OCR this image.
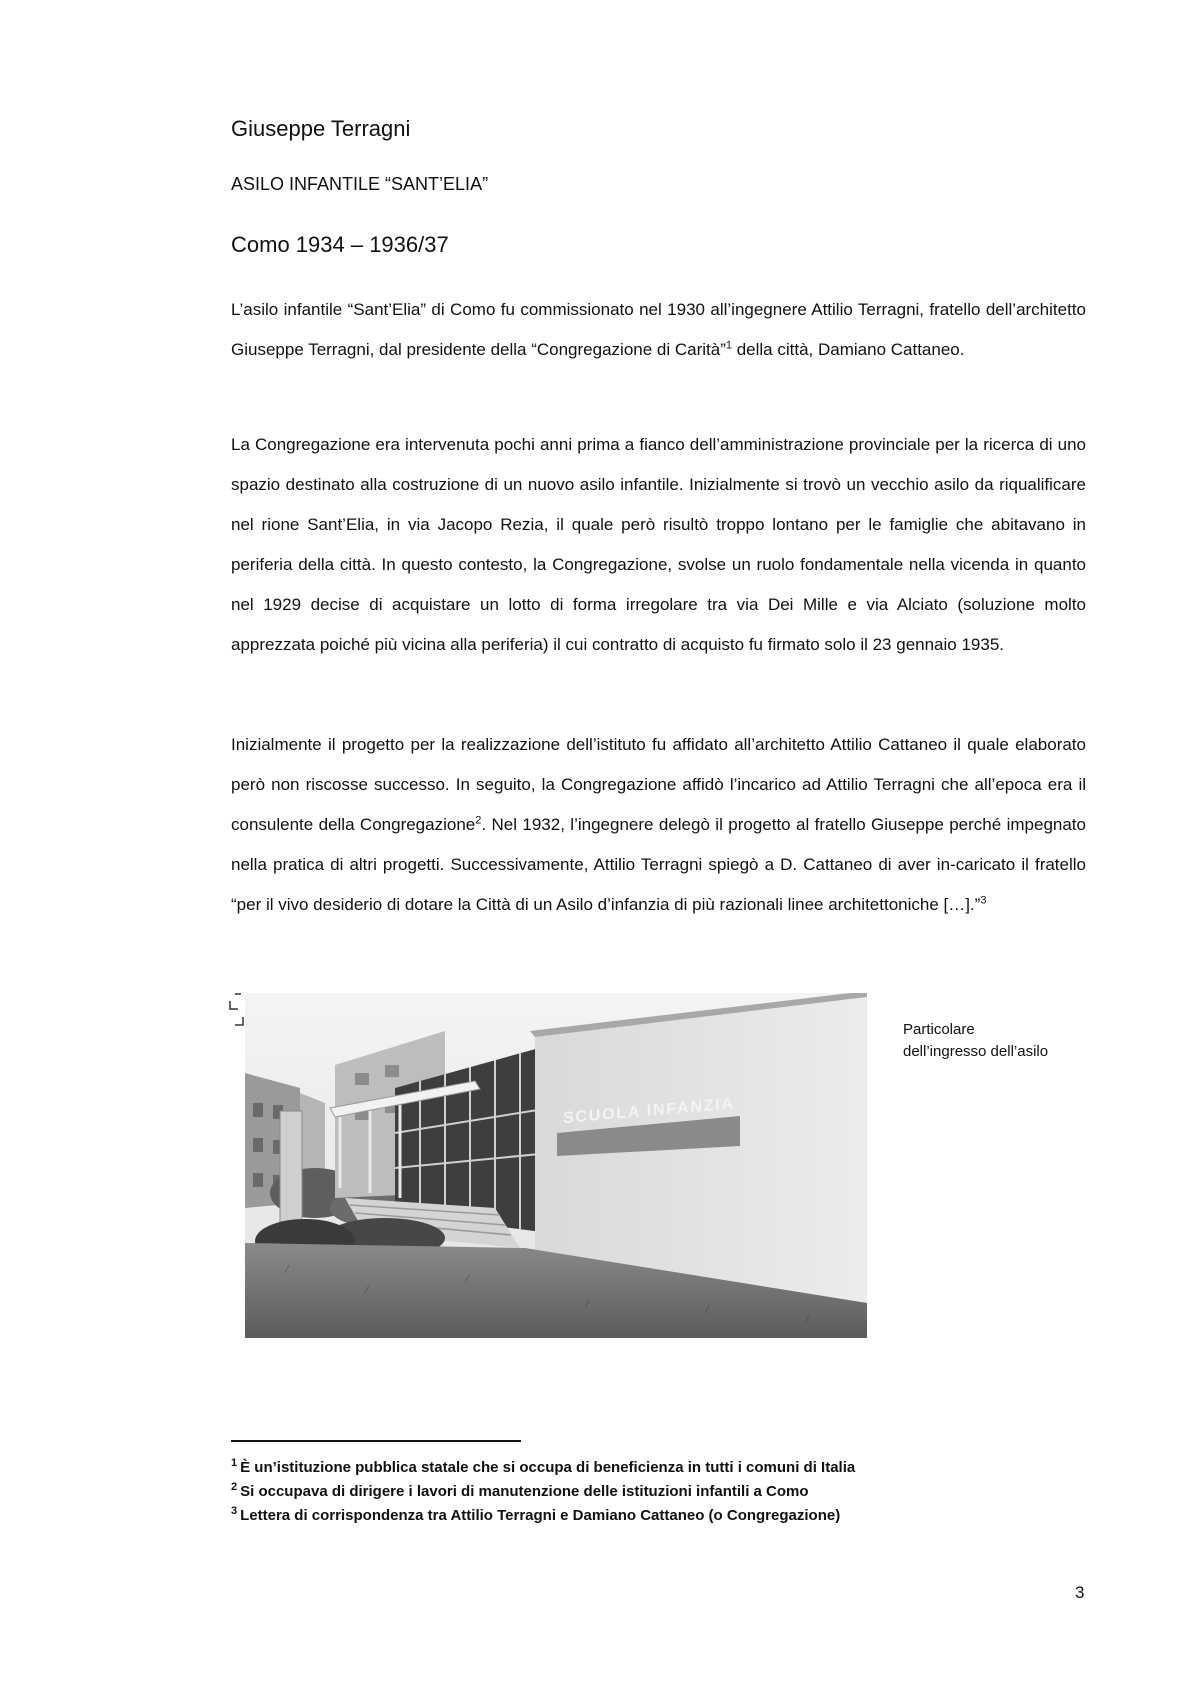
Giuseppe Terragni
ASILO INFANTILE “SANT’ELIA”
Como 1934 – 1936/37

L’asilo infantile “Sant’Elia” di Como fu commissionato nel 1930 all’ingegnere Attilio Terragni, fratello dell’architetto Giuseppe Terragni, dal presidente della “Congregazione di Carità”$^1$ della città, Damiano Cattaneo.

La Congregazione era intervenuta pochi anni prima a fianco dell’amministrazione provinciale per la ricerca di uno spazio destinato alla costruzione di un nuovo asilo infantile. Inizialmente si trovò un vecchio asilo da riqualificare nel rione Sant’Elia, in via Jacopo Rezia, il quale però risultò troppo lontano per le famiglie che abitavano in periferia della città. In questo contesto, la Congregazione, svolse un ruolo fondamentale nella vicenda in quanto nel 1929 decise di acquistare un lotto di forma irregolare tra via Dei Mille e via Alciato (soluzione molto apprezzata poiché più vicina alla periferia) il cui contratto di acquisto fu firmato solo il 23 gennaio 1935.

Inizialmente il progetto per la realizzazione dell’istituto fu affidato all’architetto Attilio Cattaneo il quale elaborato però non riscosse successo. In seguito, la Congregazione affidò l’incarico ad Attilio Terragni che all’epoca era il consulente della Congregazione$^2$. Nel 1932, l’ingegnere delegò il progetto al fratello Giuseppe perché impegnato nella pratica di altri progetti. Successivamente, Attilio Terragni spiegò a D. Cattaneo di aver in-caricato il fratello “per il vivo desiderio di dotare la Città di un Asilo d’infanzia di più razionali linee architettoniche […].”$^3$

SCUOLA INFANZIA
Particolare
dell’ingresso dell’asilo
$^1$ È un’istituzione pubblica statale che si occupa di beneficienza in tutti i comuni di Italia
$^2$ Si occupava di dirigere i lavori di manutenzione delle istituzioni infantili a Como
$^3$ Lettera di corrispondenza tra Attilio Terragni e Damiano Cattaneo (o Congregazione)
3
